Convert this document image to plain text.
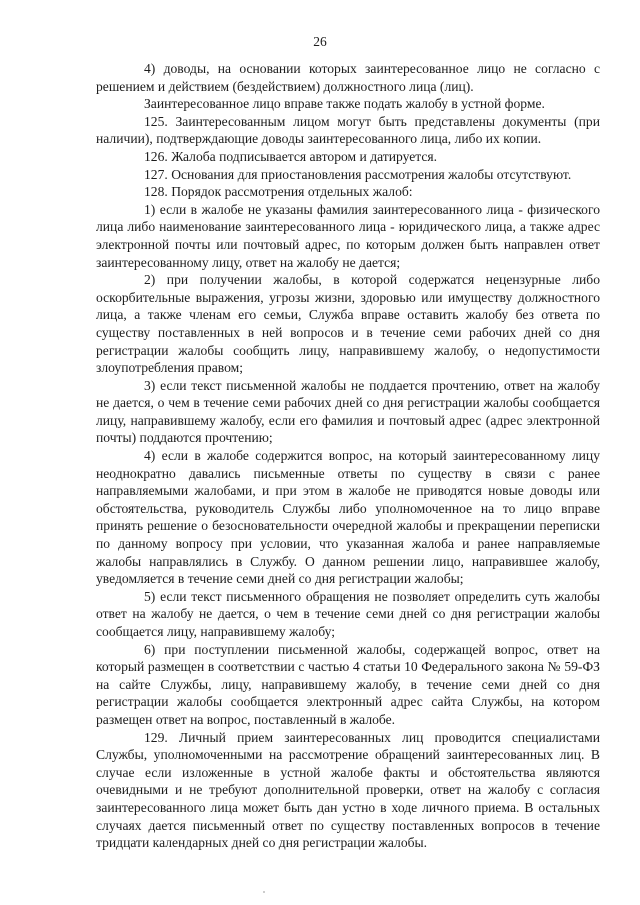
26

4) доводы, на основании которых заинтересованное лицо не согласно с решением и действием (бездействием) должностного лица (лиц).

Заинтересованное лицо вправе также подать жалобу в устной форме.

125. Заинтересованным лицом могут быть представлены документы (при наличии), подтверждающие доводы заинтересованного лица, либо их копии.

126. Жалоба подписывается автором и датируется.

127. Основания для приостановления рассмотрения жалобы отсутствуют.

128. Порядок рассмотрения отдельных жалоб:

1) если в жалобе не указаны фамилия заинтересованного лица - физического лица либо наименование заинтересованного лица - юридического лица, а также адрес электронной почты или почтовый адрес, по которым должен быть направлен ответ заинтересованному лицу, ответ на жалобу не дается;

2) при получении жалобы, в которой содержатся нецензурные либо оскорбительные выражения, угрозы жизни, здоровью или имуществу должностного лица, а также членам его семьи, Служба вправе оставить жалобу без ответа по существу поставленных в ней вопросов и в течение семи рабочих дней со дня регистрации жалобы сообщить лицу, направившему жалобу, о недопустимости злоупотребления правом;

3) если текст письменной жалобы не поддается прочтению, ответ на жалобу не дается, о чем в течение семи рабочих дней со дня регистрации жалобы сообщается лицу, направившему жалобу, если его фамилия и почтовый адрес (адрес электронной почты) поддаются прочтению;

4) если в жалобе содержится вопрос, на который заинтересованному лицу неоднократно давались письменные ответы по существу в связи с ранее направляемыми жалобами, и при этом в жалобе не приводятся новые доводы или обстоятельства, руководитель Службы либо уполномоченное на то лицо вправе принять решение о безосновательности очередной жалобы и прекращении переписки по данному вопросу при условии, что указанная жалоба и ранее направляемые жалобы направлялись в Службу. О данном решении лицо, направившее жалобу, уведомляется в течение семи дней со дня регистрации жалобы;

5) если текст письменного обращения не позволяет определить суть жалобы ответ на жалобу не дается, о чем в течение семи дней со дня регистрации жалобы сообщается лицу, направившему жалобу;

6) при поступлении письменной жалобы, содержащей вопрос, ответ на который размещен в соответствии с частью 4 статьи 10 Федерального закона № 59-ФЗ на сайте Службы, лицу, направившему жалобу, в течение семи дней со дня регистрации жалобы сообщается электронный адрес сайта Службы, на котором размещен ответ на вопрос, поставленный в жалобе.

129. Личный прием заинтересованных лиц проводится специалистами Службы, уполномоченными на рассмотрение обращений заинтересованных лиц. В случае если изложенные в устной жалобе факты и обстоятельства являются очевидными и не требуют дополнительной проверки, ответ на жалобу с согласия заинтересованного лица может быть дан устно в ходе личного приема. В остальных случаях дается письменный ответ по существу поставленных вопросов в течение тридцати календарных дней со дня регистрации жалобы.
